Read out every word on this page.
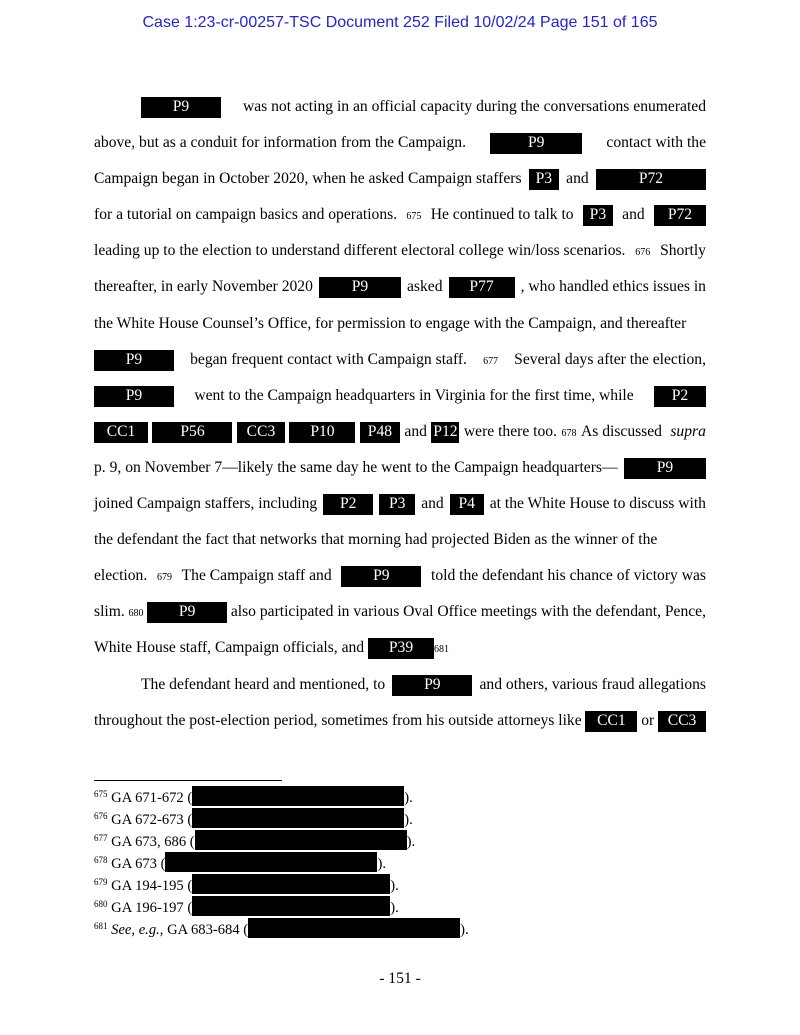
Case 1:23-cr-00257-TSC Document 252 Filed 10/02/24 Page 151 of 165
P9	was not acting in an official capacity during the conversations enumerated
above, but as a conduit for information from the Campaign.	P9	contact with the
Campaign began in October 2020, when he asked Campaign staffers P3 and	P72
for a tutorial on campaign basics and operations. 675 He continued to talk to	P3	and	P72
leading up to the election to understand different electoral college win/loss scenarios. 676 Shortly
thereafter, in early November 2020	P9	asked	P77	, who handled ethics issues in
the White House Counsel’s Office, for permission to engage with the Campaign, and thereafter
P9	began frequent contact with Campaign staff. 677 Several days after the election,
P9	went to the Campaign headquarters in Virginia for the first time, while	P2
CC1	P56	CC3	P10	P48 and P12 were there too. 678 As discussed supra
p. 9, on November 7—likely the same day he went to the Campaign headquarters—	P9
joined Campaign staffers, including	P2	P3	and P4 at the White House to discuss with
the defendant the fact that networks that morning had projected Biden as the winner of the
election. 679 The Campaign staff and	P9	told the defendant his chance of victory was
slim. 680	P9	also participated in various Oval Office meetings with the defendant, Pence,
White House staff, Campaign officials, and	P39	681
The defendant heard and mentioned, to	P9	and others, various fraud allegations
throughout the post-election period, sometimes from his outside attorneys like CC1 or CC3
$^{675}$ GA 671-672 (	).
$^{676}$ GA 672-673 (	).
$^{677}$ GA 673, 686 (	).
$^{678}$ GA 673 (	).
$^{679}$ GA 194-195 (	).
$^{680}$ GA 196-197 (	).
$^{681}$ See, e.g., GA 683-684 (	).
- 151 -
